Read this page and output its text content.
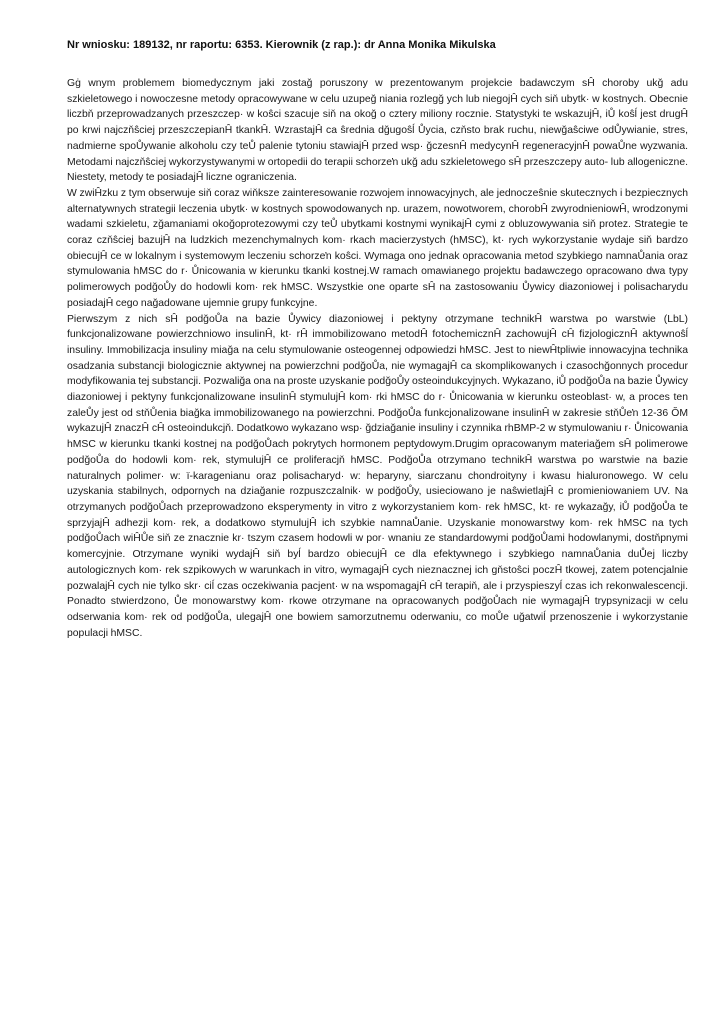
Nr wniosku: 189132, nr raportu: 6353. Kierownik (z rap.): dr Anna Monika Mikulska

Gġ wnym problemem biomedycznym jaki zostağ poruszony w prezentowanym projekcie badawczym sĤ choroby ukğ adu szkieletowego i nowoczesne metody opracowywane w celu uzupeğ niania rozlegğ ych lub niegojĤ cych siň ubytk· w kostnych. Obecnie liczbň przeprowadzanych przeszczep· w koŝci szacuje siň na okoğ o cztery miliony rocznie. Statystyki te wskazujĤ, iŮ koŝĺ jest drugĤ po krwi najczňŝciej przeszczepianĤ tkankĤ. WzrastajĤ ca ŝrednia dğugoŝĺ Ůycia, czňsto brak ruchu, niewğaŝciwe odŮywianie, stres, nadmierne spoŮywanie alkoholu czy teŮ palenie tytoniu stawiajĤ przed wsp· ğczesnĤ medycynĤ regeneracyjnĤ powaŮne wyzwania. Metodami najczňŝciej wykorzystywanymi w ortopedii do terapii schorzeŉ ukğ adu szkieletowego sĤ przeszczepy auto- lub allogeniczne. Niestety, metody te posiadajĤ liczne ograniczenia.

W zwiĤzku z tym obserwuje siň coraz wiňksze zainteresowanie rozwojem innowacyjnych, ale jednoczeŝnie skutecznych i bezpiecznych alternatywnych strategii leczenia ubytk· w kostnych spowodowanych np. urazem, nowotworem, chorobĤ zwyrodnieniowĤ, wrodzonymi wadami szkieletu, zğamaniami okoğoprotezowymi czy teŮ ubytkami kostnymi wynikajĤ cymi z obluzowywania siň protez. Strategie te coraz czňŝciej bazujĤ na ludzkich mezenchymalnych kom· rkach macierzystych (hMSC), kt· rych wykorzystanie wydaje siň bardzo obiecujĤ ce w lokalnym i systemowym leczeniu schorzeŉ koŝci. Wymaga ono jednak opracowania metod szybkiego namnaŮania oraz stymulowania hMSC do r· Ůnicowania w kierunku tkanki kostnej.W ramach omawianego projektu badawczego opracowano dwa typy polimerowych podğoŮy do hodowli kom· rek hMSC. Wszystkie one oparte sĤ na zastosowaniu Ůywicy diazoniowej i polisacharydu posiadajĤ cego nağadowane ujemnie grupy funkcyjne.

Pierwszym z nich sĤ podğoŮa na bazie Ůywicy diazoniowej i pektyny otrzymane technikĤ warstwa po warstwie (LbL) funkcjonalizowane powierzchniowo insulinĤ, kt· rĤ immobilizowano metodĤ fotochemicznĤ zachowujĤ cĤ fizjologicznĤ aktywnoŝĺ insuliny. Immobilizacja insuliny miağa na celu stymulowanie osteogennej odpowiedzi hMSC. Jest to niewĤtpliwie innowacyjna technika osadzania substancji biologicznie aktywnej na powierzchni podğoŮa, nie wymagajĤ ca skomplikowanych i czasochğonnych procedur modyfikowania tej substancji. Pozwaliğa ona na proste uzyskanie podğoŮy osteoindukcyjnych. Wykazano, iŮ podğoŮa na bazie Ůywicy diazoniowej i pektyny funkcjonalizowane insulinĤ stymulujĤ kom· rki hMSC do r· Ůnicowania w kierunku osteoblast· w, a proces ten zaleŮy jest od stňŮenia biağka immobilizowanego na powierzchni. PodğoŮa funkcjonalizowane insulinĤ w zakresie stňŮeŉ 12-36 ŎM wykazujĤ znaczĤ cĤ osteoindukcjň. Dodatkowo wykazano wsp· ğdziağanie insuliny i czynnika rhBMP-2 w stymulowaniu r· Ůnicowania hMSC w kierunku tkanki kostnej na podğoŮach pokrytych hormonem peptydowym.Drugim opracowanym materiağem sĤ polimerowe podğoŮa do hodowli kom· rek, stymulujĤ ce proliferacjň hMSC. PodğoŮa otrzymano technikĤ warstwa po warstwie na bazie naturalnych polimer· w: ï-karagenianu oraz polisacharyd· w: heparyny, siarczanu chondroityny i kwasu hialuronowego. W celu uzyskania stabilnych, odpornych na dziağanie rozpuszczalnik· w podğoŮy, usieciowano je naŝwietlajĤ c promieniowaniem UV. Na otrzymanych podğoŮach przeprowadzono eksperymenty in vitro z wykorzystaniem kom· rek hMSC, kt· re wykazağy, iŮ podğoŮa te sprzyjajĤ adhezji kom· rek, a dodatkowo stymulujĤ ich szybkie namnaŮanie. Uzyskanie monowarstwy kom· rek hMSC na tych podğoŮach wiĤŮe siň ze znacznie kr· tszym czasem hodowli w por· wnaniu ze standardowymi podğoŮami hodowlanymi, dostňpnymi komercyjnie. Otrzymane wyniki wydajĤ siň byĺ bardzo obiecujĤ ce dla efektywnego i szybkiego namnaŮania duŮej liczby autologicznych kom· rek szpikowych w warunkach in vitro, wymagajĤ cych nieznacznej ich gňstoŝci poczĤ tkowej, zatem potencjalnie pozwalajĤ cych nie tylko skr· ciĺ czas oczekiwania pacjent· w na wspomagajĤ cĤ terapiň, ale i przyspieszyĺ czas ich rekonwalescencji. Ponadto stwierdzono, Ůe monowarstwy kom· rkowe otrzymane na opracowanych podğoŮach nie wymagajĤ trypsynizacji w celu odserwania kom· rek od podğoŮa, ulegajĤ one bowiem samorzutnemu oderwaniu, co moŮe uğatwiĺ przenoszenie i wykorzystanie populacji hMSC.
